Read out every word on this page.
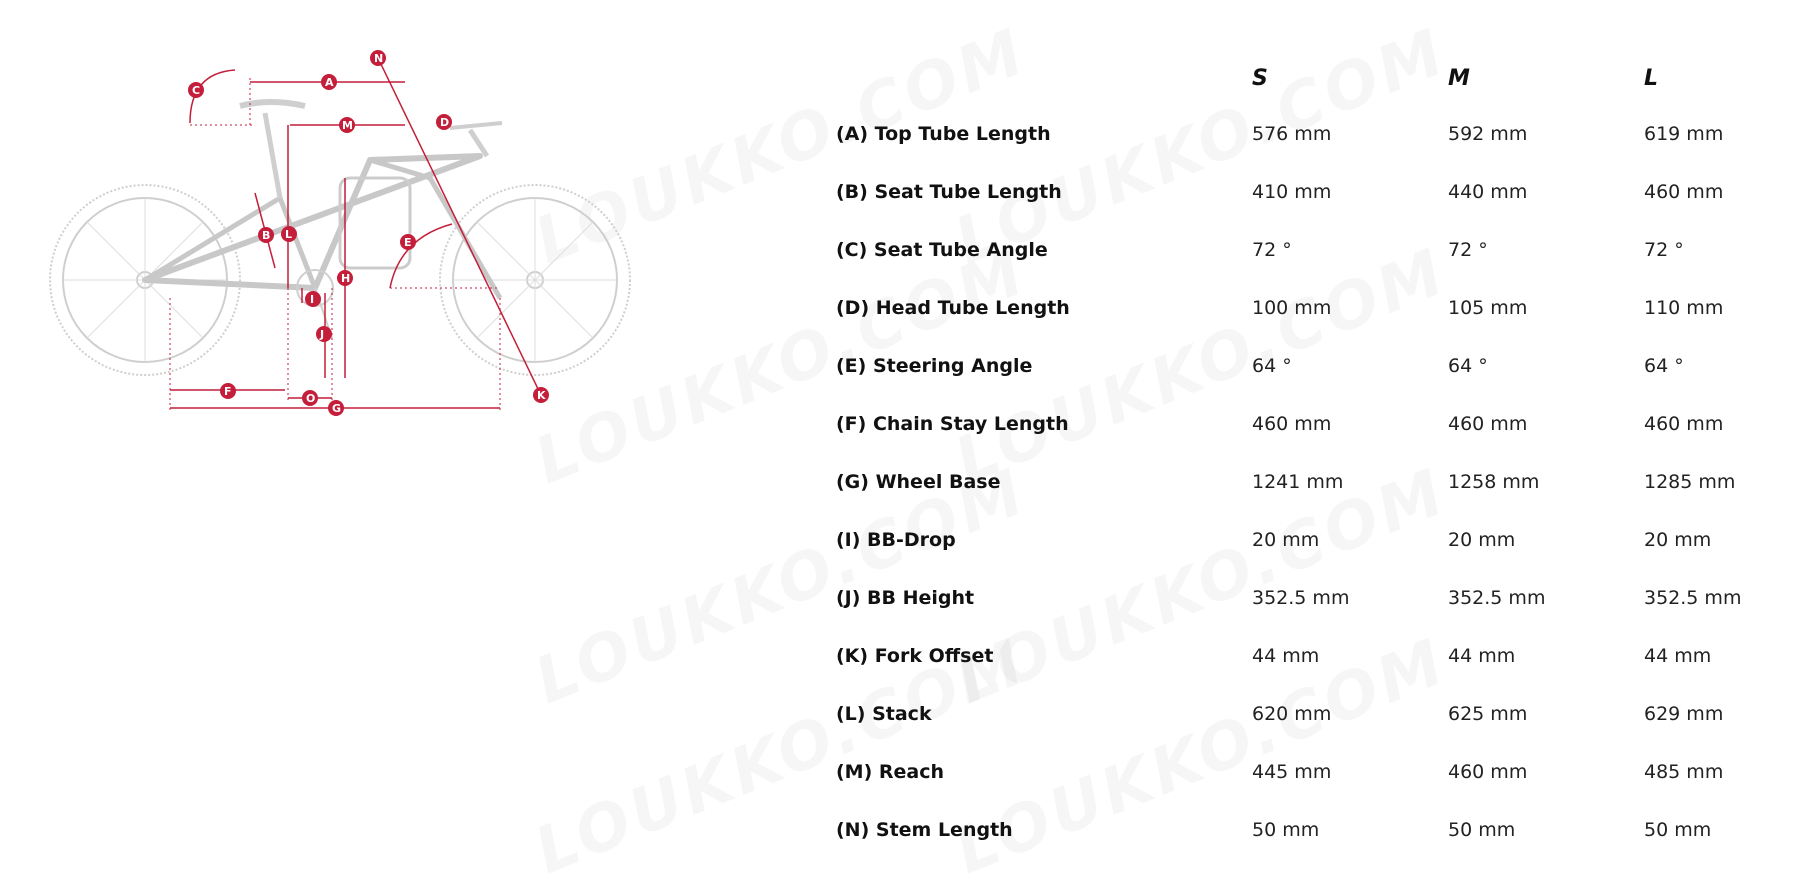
A
B
C
D
E
F
G
H
I
J
K
L
M
N
O
S	M	L
(A) Top Tube Length	576 mm	592 mm	619 mm
(B) Seat Tube Length	410 mm	440 mm	460 mm
(C) Seat Tube Angle	72 °	72 °	72 °
(D) Head Tube Length	100 mm	105 mm	110 mm
(E) Steering Angle	64 °	64 °	64 °
(F) Chain Stay Length	460 mm	460 mm	460 mm
(G) Wheel Base	1241 mm	1258 mm	1285 mm
(I) BB-Drop	20 mm	20 mm	20 mm
(J) BB Height	352.5 mm	352.5 mm	352.5 mm
(K) Fork Offset	44 mm	44 mm	44 mm
(L) Stack	620 mm	625 mm	629 mm
(M) Reach	445 mm	460 mm	485 mm
(N) Stem Length	50 mm	50 mm	50 mm
